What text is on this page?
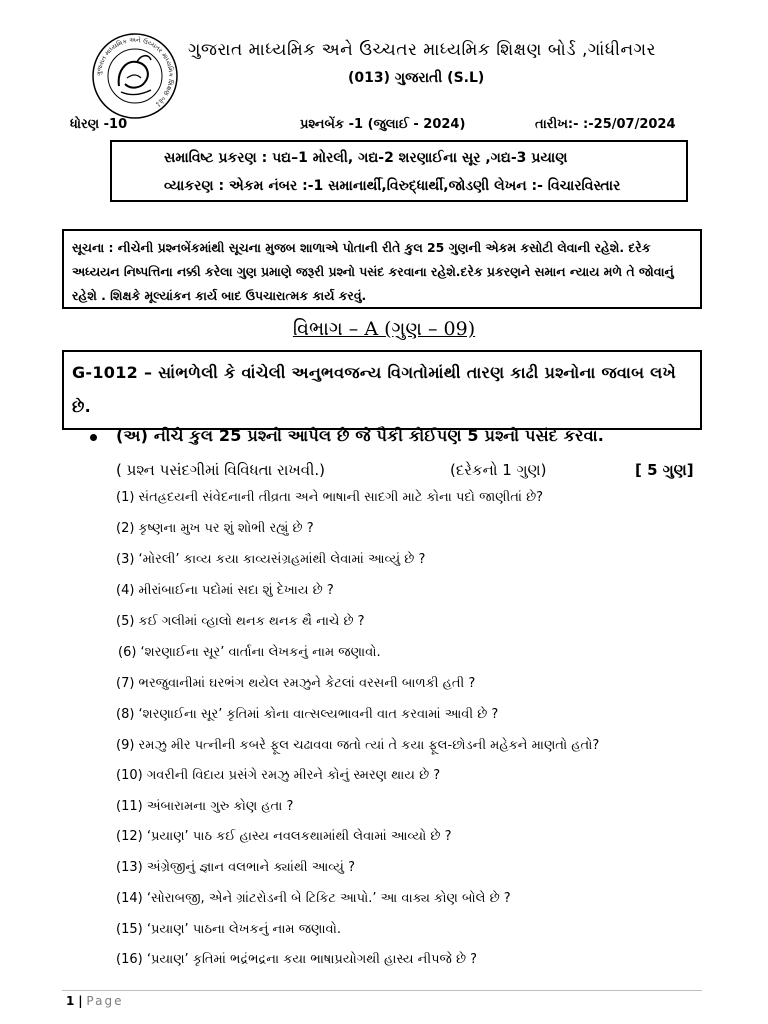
ગુજરાત માધ્યમિક અને ઉચ્ચતર માધ્યમિક શિક્ષણ બોર્ડ
ગુજરાત માધ્યમિક અને ઉચ્ચતર માધ્યમિક શિક્ષણ બોર્ડ ,ગાંધીનગર
(013) ગુજરાતી (S.L)
ધોરણ -10	પ્રશ્નબેંક -1 (જુલાઈ - 2024)	તારીખ:- :-25/07/2024
સમાવિષ્ટ પ્રકરણ : પદ્ય–1 મોરલી, ગદ્ય-2 શરણાઈના સૂર ,ગદ્ય-3 પ્રયાણ
વ્યાકરણ : એકમ નંબર :-1 સમાનાર્થી,વિરુદ્ધાર્થી,જોડણી લેખન :- વિચારવિસ્તાર
સૂચના : નીચેની પ્રશ્નબેંકમાંથી સૂચના મુજબ શાળાએ પોતાની રીતે કુલ 25 ગુણની એકમ કસોટી લેવાની રહેશે. દરેક અધ્યયન નિષ્પત્તિના નક્કી કરેલા ગુણ પ્રમાણે જરૂરી પ્રશ્નો પસંદ કરવાના રહેશે.દરેક પ્રકરણને સમાન ન્યાય મળે તે જોવાનું રહેશે . શિક્ષકે મૂલ્યાંકન કાર્ય બાદ ઉપચારાત્મક કાર્ય કરવું.
વિભાગ – A (ગુણ – 09)
G-1012 – સાંભળેલી કે વાંચેલી અનુભવજન્ય વિગતોમાંથી તારણ કાઢી પ્રશ્નોના જવાબ લખે છે.
(અ) નીચે કુલ 25 પ્રશ્નો આપેલ છે જે પૈકી કોઈપણ 5 પ્રશ્નો પસંદ કરવા.
( પ્રશ્ન પસંદગીમાં વિવિધતા રાખવી.)	(દરેકનો 1 ગુણ)	[ 5 ગુણ]
(1) સંતહ્રદયની સંવેદનાની તીવ્રતા અને ભાષાની સાદગી માટે કોના પદો જાણીતાં છે?
(2) કૃષ્ણના મુખ પર શું શોભી રહ્યું છે ?
(3) ‘મોરલી’ કાવ્ય કયા કાવ્યસંગ્રહમાંથી લેવામાં આવ્યું છે ?
(4) મીરાંબાઈના પદોમાં સદા શું દેખાય છે ?
(5) કઈ ગલીમાં વ્હાલો થનક થનક થૈ નાચે છે ?
(6) ‘શરણાઈના સૂર’ વાર્તાના લેખકનું નામ જણાવો.
(7) ભરજુવાનીમાં ઘરભંગ થયેલ રમઝુને કેટલાં વરસની બાળકી હતી ?
(8) ‘શરણાઈના સૂર’ કૃતિમાં કોના વાત્સલ્યભાવની વાત કરવામાં આવી છે ?
(9) રમઝુ મીર પત્નીની કબરે ફૂલ ચઢાવવા જતો ત્યાં તે કયા ફૂલ-છોડની મહેકને માણતો હતો?
(10) ગવરીની વિદાય પ્રસંગે રમઝુ મીરને કોનું સ્મરણ થાય છે ?
(11) અંબારામના ગુરુ કોણ હતા ?
(12) ‘પ્રયાણ’ પાઠ કઈ હાસ્ય નવલકથામાંથી લેવામાં આવ્યો છે ?
(13) અંગ્રેજીનું જ્ઞાન વલભાને ક્યાંથી આવ્યું ?
(14) ‘સોરાબજી, એને ગ્રાંટરોડની બે ટિકિટ આપો.’ આ વાક્ય કોણ બોલે છે ?
(15) ‘પ્રયાણ’ પાઠના લેખકનું નામ જણાવો.
(16) ‘પ્રયાણ’ કૃતિમાં ભદ્રંભદ્રના કયા ભાષાપ્રયોગથી હાસ્ય નીપજે છે ?
1 | Page
